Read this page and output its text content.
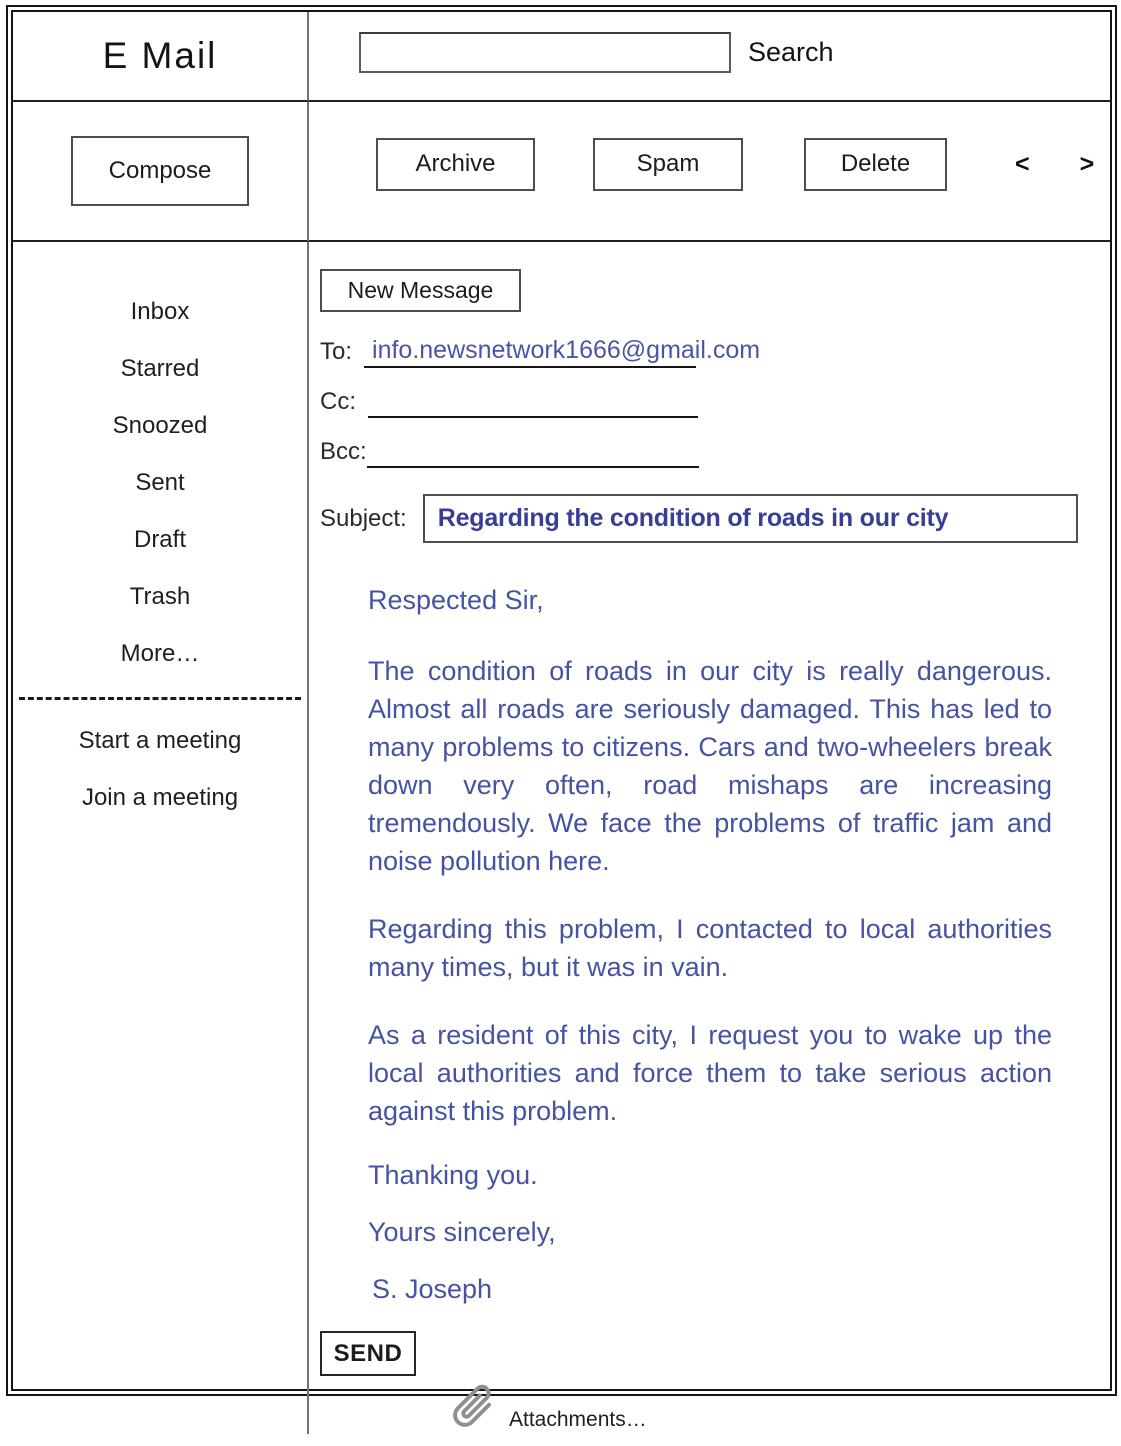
E Mail	Search
Compose	Archive	Spam	Delete	<	>
Inbox
Starred
Snoozed
Sent
Draft
Trash
More…
Start a meeting
Join a meeting
New Message
To: info.newsnetwork1666@gmail.com
Cc:
Bcc:
Subject:	Regarding the condition of roads in our city
Respected Sir,

The condition of roads in our city is really dangerous. Almost all roads are seriously damaged. This has led to many problems to citizens. Cars and two-wheelers break down very often, road mishaps are increasing tremendously. We face the problems of traffic jam and noise pollution here.

Regarding this problem, I contacted to local authorities many times, but it was in vain.

As a resident of this city, I request you to wake up the local authorities and force them to take serious action against this problem.

Thanking you.
Yours sincerely,
S. Joseph
SEND
Attachments…
